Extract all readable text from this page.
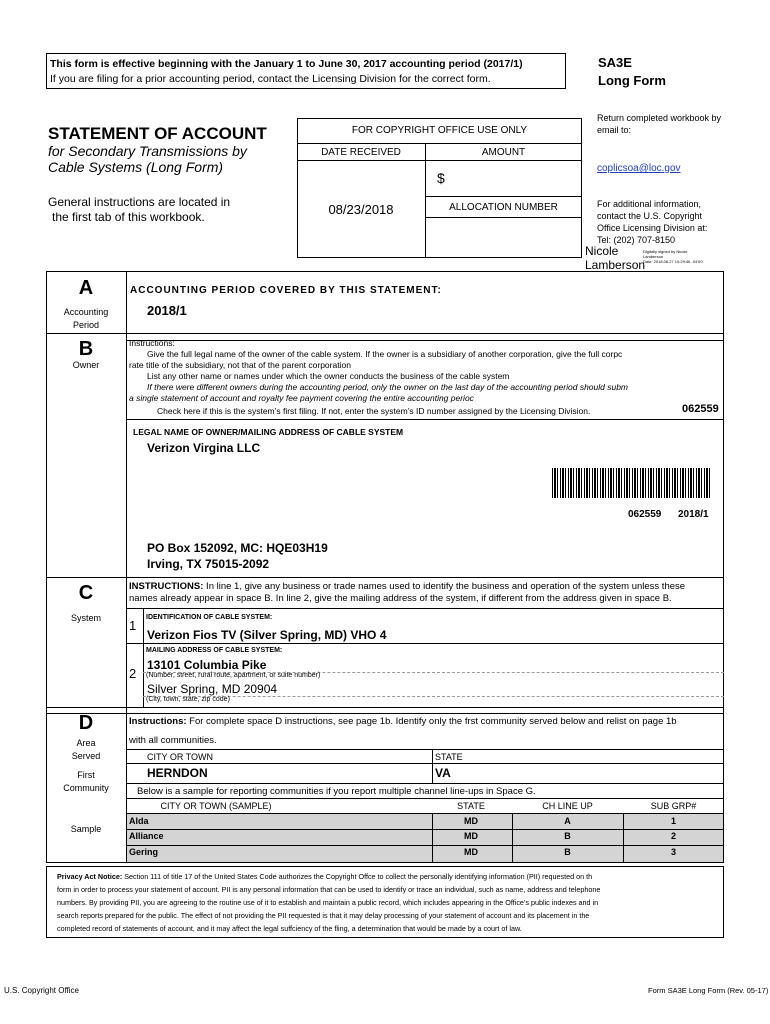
This form is effective beginning with the January 1 to June 30, 2017 accounting period (2017/1)
If you are filing for a prior accounting period, contact the Licensing Division for the correct form.
SA3E
Long Form
STATEMENT OF ACCOUNT
for Secondary Transmissions by
Cable Systems (Long Form)
General instructions are located in
the first tab of this workbook.
FOR COPYRIGHT OFFICE USE ONLY
DATE RECEIVED	AMOUNT
$
ALLOCATION NUMBER
08/23/2018
Return completed workbook by
email to:
coplicsoa@loc.gov
For additional information,
contact the U.S. Copyright
Office Licensing Division at:
Tel: (202) 707-8150
Nicole
Lamberson
Digitally signed by Nicole
Lamberson
Date: 2018.08.27 10:29:46 -04'00'
A
Accounting
Period
ACCOUNTING PERIOD COVERED BY THIS STATEMENT:
2018/1
B
Owner
Instructions:
Give the full legal name of the owner of the cable system. If the owner is a subsidiary of another corporation, give the full corpc
rate title of the subsidiary, not that of the parent corporation
List any other name or names under which the owner conducts the business of the cable system
If there were different owners during the accounting period, only the owner on the last day of the accounting period should subm
a single statement of account and royalty fee payment covering the entire accounting perioc
Check here if this is the system’s first filing. If not, enter the system’s ID number assigned by the Licensing Division.	062559
LEGAL NAME OF OWNER/MAILING ADDRESS OF CABLE SYSTEM
Verizon Virgina LLC
062559 2018/1
PO Box 152092, MC: HQE03H19
Irving, TX 75015-2092
C
System
INSTRUCTIONS: In line 1, give any business or trade names used to identify the business and operation of the system unless these
names already appear in space B. In line 2, give the mailing address of the system, if different from the address given in space B.
1
IDENTIFICATION OF CABLE SYSTEM:
Verizon Fios TV (Silver Spring, MD) VHO 4
2
MAILING ADDRESS OF CABLE SYSTEM:
13101 Columbia Pike
(Number, street, rural route, apartment, or suite number)
Silver Spring, MD 20904
(City, town, state, zip code)
D
Area
Served
First
Community
Sample
Instructions: For complete space D instructions, see page 1b. Identify only the frst community served below and relist on page 1b
with all communities.
CITY OR TOWN	STATE
HERNDON	VA
Below is a sample for reporting communities if you report multiple channel line-ups in Space G.
CITY OR TOWN (SAMPLE)	STATE	CH LINE UP	SUB GRP#
Alda	MD	A	1
Alliance	MD	B	2
Gering	MD	B	3
Privacy Act Notice: Section 111 of title 17 of the United States Code authorizes the Copyright Offce to collect the personally identifying information (PII) requested on th
form in order to process your statement of account. PII is any personal information that can be used to identify or trace an individual, such as name, address and telephone
numbers. By providing PII, you are agreeing to the routine use of it to establish and maintain a public record, which includes appearing in the Office’s public indexes and in
search reports prepared for the public. The effect of not providing the PII requested is that it may delay processing of your statement of account and its placement in the
completed record of statements of account, and it may affect the legal suffciency of the fling, a determination that would be made by a court of law.
U.S. Copyright Office	Form SA3E Long Form (Rev. 05-17)
